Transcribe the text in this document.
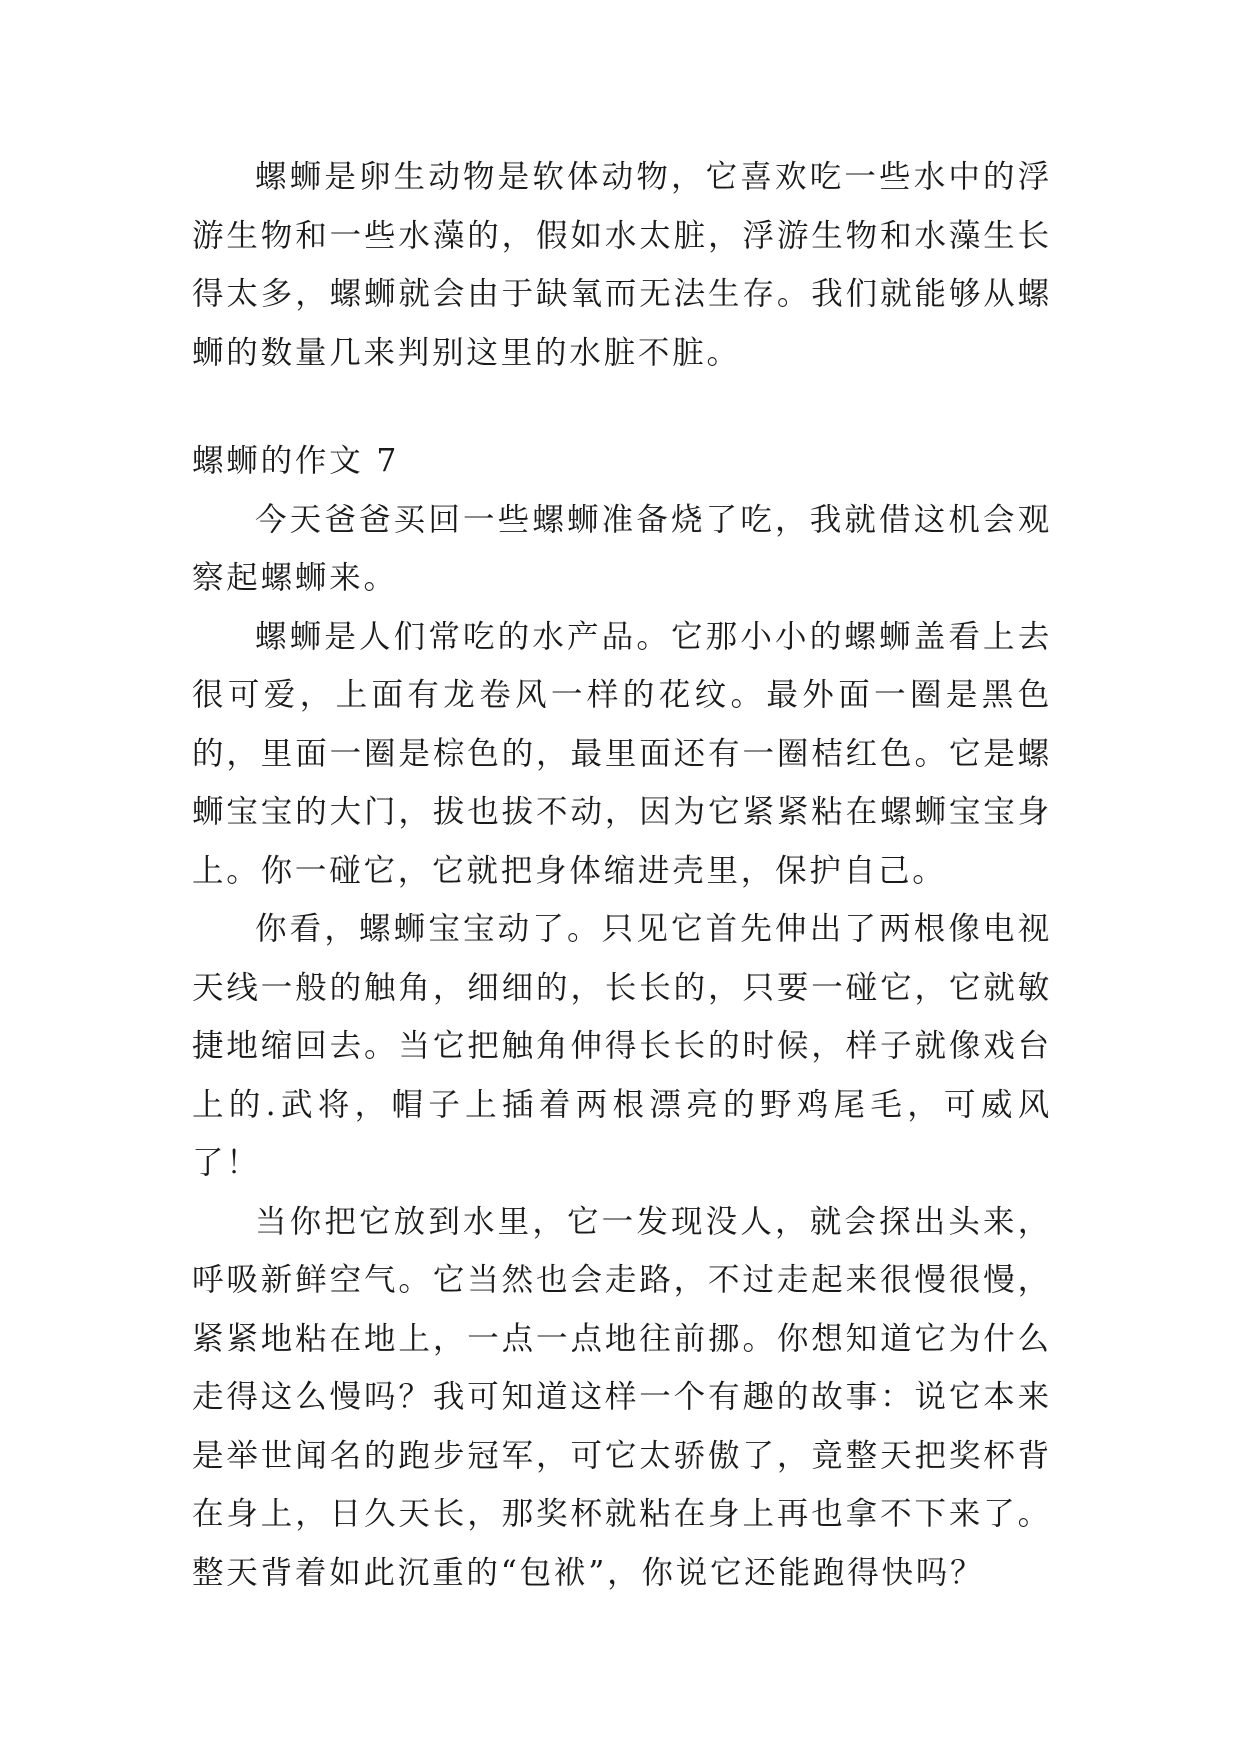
螺蛳是卵生动物是软体动物，它喜欢吃一些水中的浮游生物和一些水藻的，假如水太脏，浮游生物和水藻生长得太多，螺蛳就会由于缺氧而无法生存。我们就能够从螺蛳的数量几来判别这里的水脏不脏。

螺蛳的作文 7

今天爸爸买回一些螺蛳准备烧了吃，我就借这机会观察起螺蛳来。

螺蛳是人们常吃的水产品。它那小小的螺蛳盖看上去很可爱，上面有龙卷风一样的花纹。最外面一圈是黑色的，里面一圈是棕色的，最里面还有一圈桔红色。它是螺蛳宝宝的大门，拔也拔不动，因为它紧紧粘在螺蛳宝宝身上。你一碰它，它就把身体缩进壳里，保护自己。

你看，螺蛳宝宝动了。只见它首先伸出了两根像电视天线一般的触角，细细的，长长的，只要一碰它，它就敏捷地缩回去。当它把触角伸得长长的时候，样子就像戏台上的.武将，帽子上插着两根漂亮的野鸡尾毛，可威风了！

当你把它放到水里，它一发现没人，就会探出头来，呼吸新鲜空气。它当然也会走路，不过走起来很慢很慢，紧紧地粘在地上，一点一点地往前挪。你想知道它为什么走得这么慢吗？我可知道这样一个有趣的故事：说它本来是举世闻名的跑步冠军，可它太骄傲了，竟整天把奖杯背在身上，日久天长，那奖杯就粘在身上再也拿不下来了。整天背着如此沉重的“包袱”，你说它还能跑得快吗？
